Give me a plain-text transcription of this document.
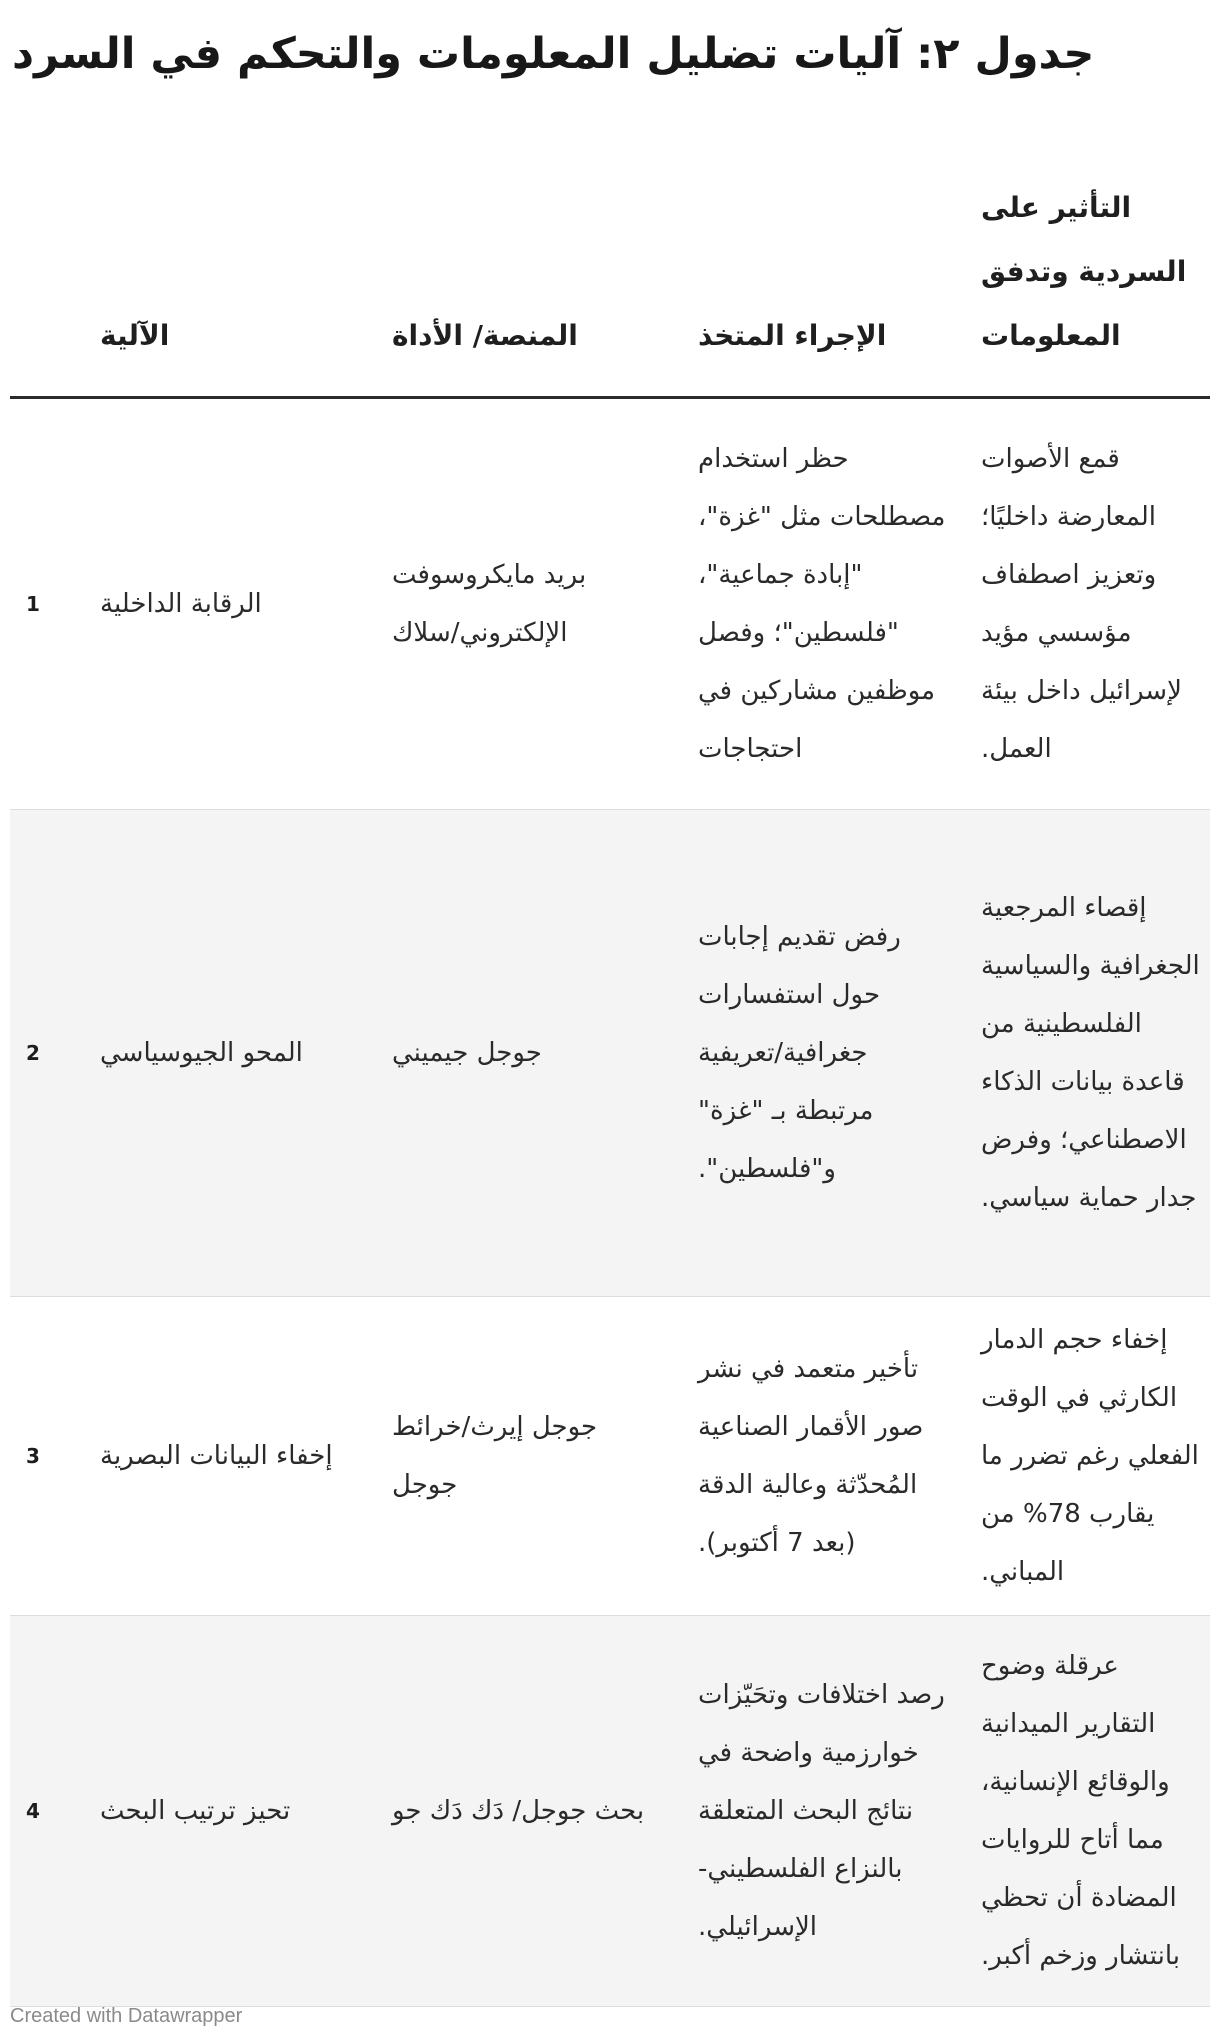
جدول ٢: آليات تضليل المعلومات والتحكم في السرد

	الآلية	المنصة/ الأداة	الإجراء المتخذ	التأثير على السردية وتدفق المعلومات

1	الرقابة الداخلية	بريد مايكروسوفت الإلكتروني/سلاك	حظر استخدام مصطلحات مثل "غزة"، "إبادة جماعية"، "فلسطين"؛ وفصل موظفين مشاركين في احتجاجات	قمع الأصوات المعارضة داخليًا؛ وتعزيز اصطفاف مؤسسي مؤيد لإسرائيل داخل بيئة العمل.

2	المحو الجيوسياسي	جوجل جيميني	رفض تقديم إجابات حول استفسارات جغرافية/تعريفية مرتبطة بـ "غزة" و"فلسطين".	إقصاء المرجعية الجغرافية والسياسية الفلسطينية من قاعدة بيانات الذكاء الاصطناعي؛ وفرض جدار حماية سياسي.

3	إخفاء البيانات البصرية	جوجل إيرث/خرائط جوجل	تأخير متعمد في نشر صور الأقمار الصناعية المُحدّثة وعالية الدقة (بعد 7 أكتوبر).	إخفاء حجم الدمار الكارثي في الوقت الفعلي رغم تضرر ما يقارب 78% من المباني.

4	تحيز ترتيب البحث	بحث جوجل/ دَك دَك جو	رصد اختلافات وتحَيّزات خوارزمية واضحة في نتائج البحث المتعلقة بالنزاع الفلسطيني-الإسرائيلي.	عرقلة وضوح التقارير الميدانية والوقائع الإنسانية، مما أتاح للروايات المضادة أن تحظي بانتشار وزخم أكبر.
Created with Datawrapper
